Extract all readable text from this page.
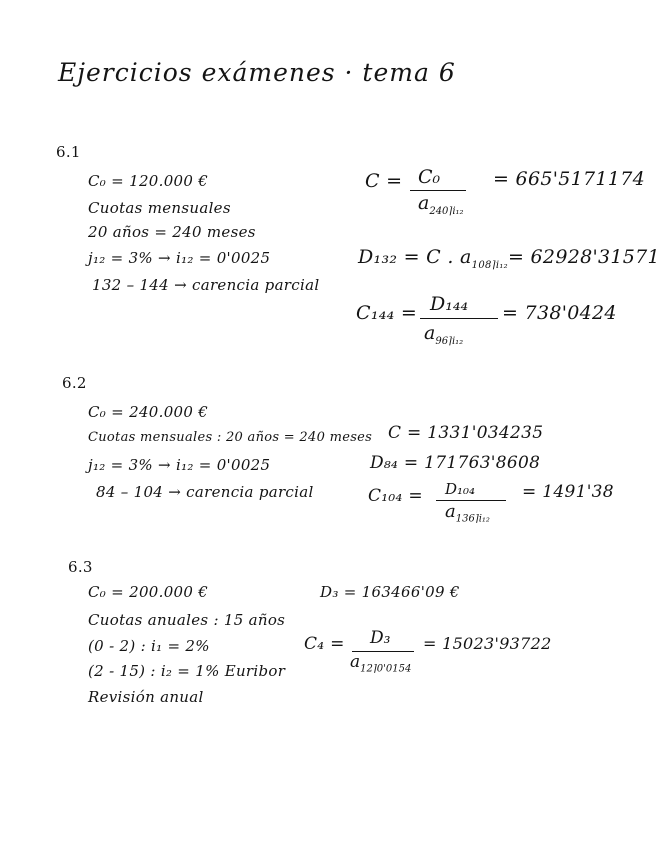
Ejercicios exámenes · tema 6
6.1
C₀ = 120.000 €
Cuotas mensuales
20 años = 240 meses
j₁₂ = 3% → i₁₂ = 0'0025
132 – 144 → carencia parcial
C = C₀
$a_{240⌉i_{12}}$
= 665'5171174
D₁₃₂ = C . $a_{108⌉i_{12}}= 62928'31571$
C₁₄₄ = D₁₄₄
$a_{96⌉i_{12}}$
= 738'0424
6.2
C₀ = 240.000 €
Cuotas mensuales : 20 años = 240 meses
j₁₂ = 3% → i₁₂ = 0'0025
84 – 104 → carencia parcial
C = 1331'034235
D₈₄ = 171763'8608
C₁₀₄ = D₁₀₄
$a_{136⌉i_{12}}$
= 1491'38
6.3
C₀ = 200.000 €
Cuotas anuales : 15 años
(0 - 2) : i₁ = 2%
(2 - 15) : i₂ = 1% Euribor
Revisión anual
D₃ = 163466'09 €
C₄ = D₃
$a_{12⌉0'0154}$
= 15023'93722
